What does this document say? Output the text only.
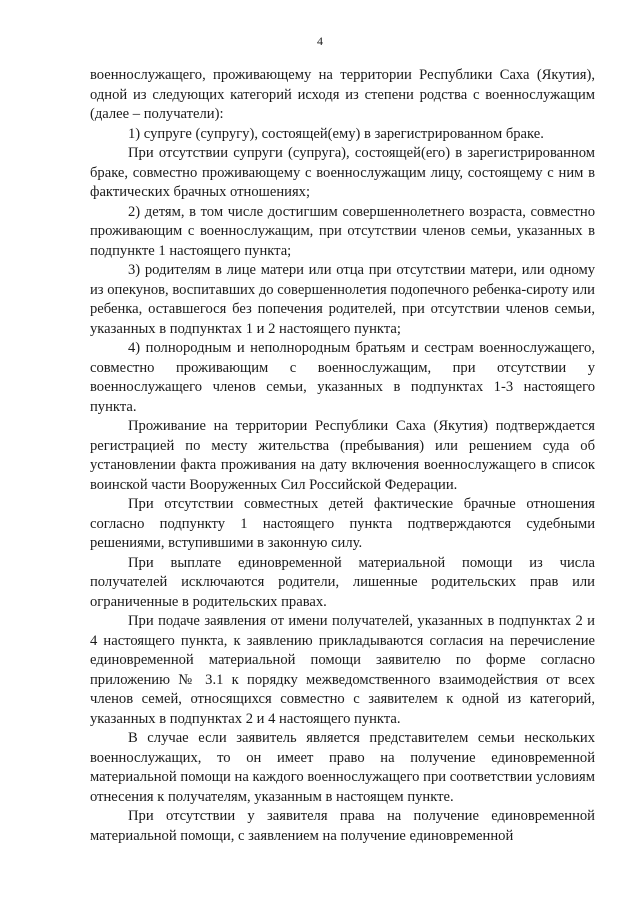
4

военнослужащего, проживающему на территории Республики Саха (Якутия), одной из следующих категорий исходя из степени родства с военнослужащим (далее – получатели):

1) супруге (супругу), состоящей(ему) в зарегистрированном браке.

При отсутствии супруги (супруга), состоящей(его) в зарегистрированном браке, совместно проживающему с военнослужащим лицу, состоящему с ним в фактических брачных отношениях;

2) детям, в том числе достигшим совершеннолетнего возраста, совместно проживающим с военнослужащим, при отсутствии членов семьи, указанных в подпункте 1 настоящего пункта;

3) родителям в лице матери или отца при отсутствии матери, или одному из опекунов, воспитавших до совершеннолетия подопечного ребенка-сироту или ребенка, оставшегося без попечения родителей, при отсутствии членов семьи, указанных в подпунктах 1 и 2 настоящего пункта;

4) полнородным и неполнородным братьям и сестрам военнослужащего, совместно проживающим с военнослужащим, при отсутствии у военнослужащего членов семьи, указанных в подпунктах 1-3 настоящего пункта.

Проживание на территории Республики Саха (Якутия) подтверждается регистрацией по месту жительства (пребывания) или решением суда об установлении факта проживания на дату включения военнослужащего в список воинской части Вооруженных Сил Российской Федерации.

При отсутствии совместных детей фактические брачные отношения согласно подпункту 1 настоящего пункта подтверждаются судебными решениями, вступившими в законную силу.

При выплате единовременной материальной помощи из числа получателей исключаются родители, лишенные родительских прав или ограниченные в родительских правах.

При подаче заявления от имени получателей, указанных в подпунктах 2 и 4 настоящего пункта, к заявлению прикладываются согласия на перечисление единовременной материальной помощи заявителю по форме согласно приложению № 3.1 к порядку межведомственного взаимодействия от всех членов семей, относящихся совместно с заявителем к одной из категорий, указанных в подпунктах 2 и 4 настоящего пункта.

В случае если заявитель является представителем семьи нескольких военнослужащих, то он имеет право на получение единовременной материальной помощи на каждого военнослужащего при соответствии условиям отнесения к получателям, указанным в настоящем пункте.

При отсутствии у заявителя права на получение единовременной материальной помощи, с заявлением на получение единовременной
